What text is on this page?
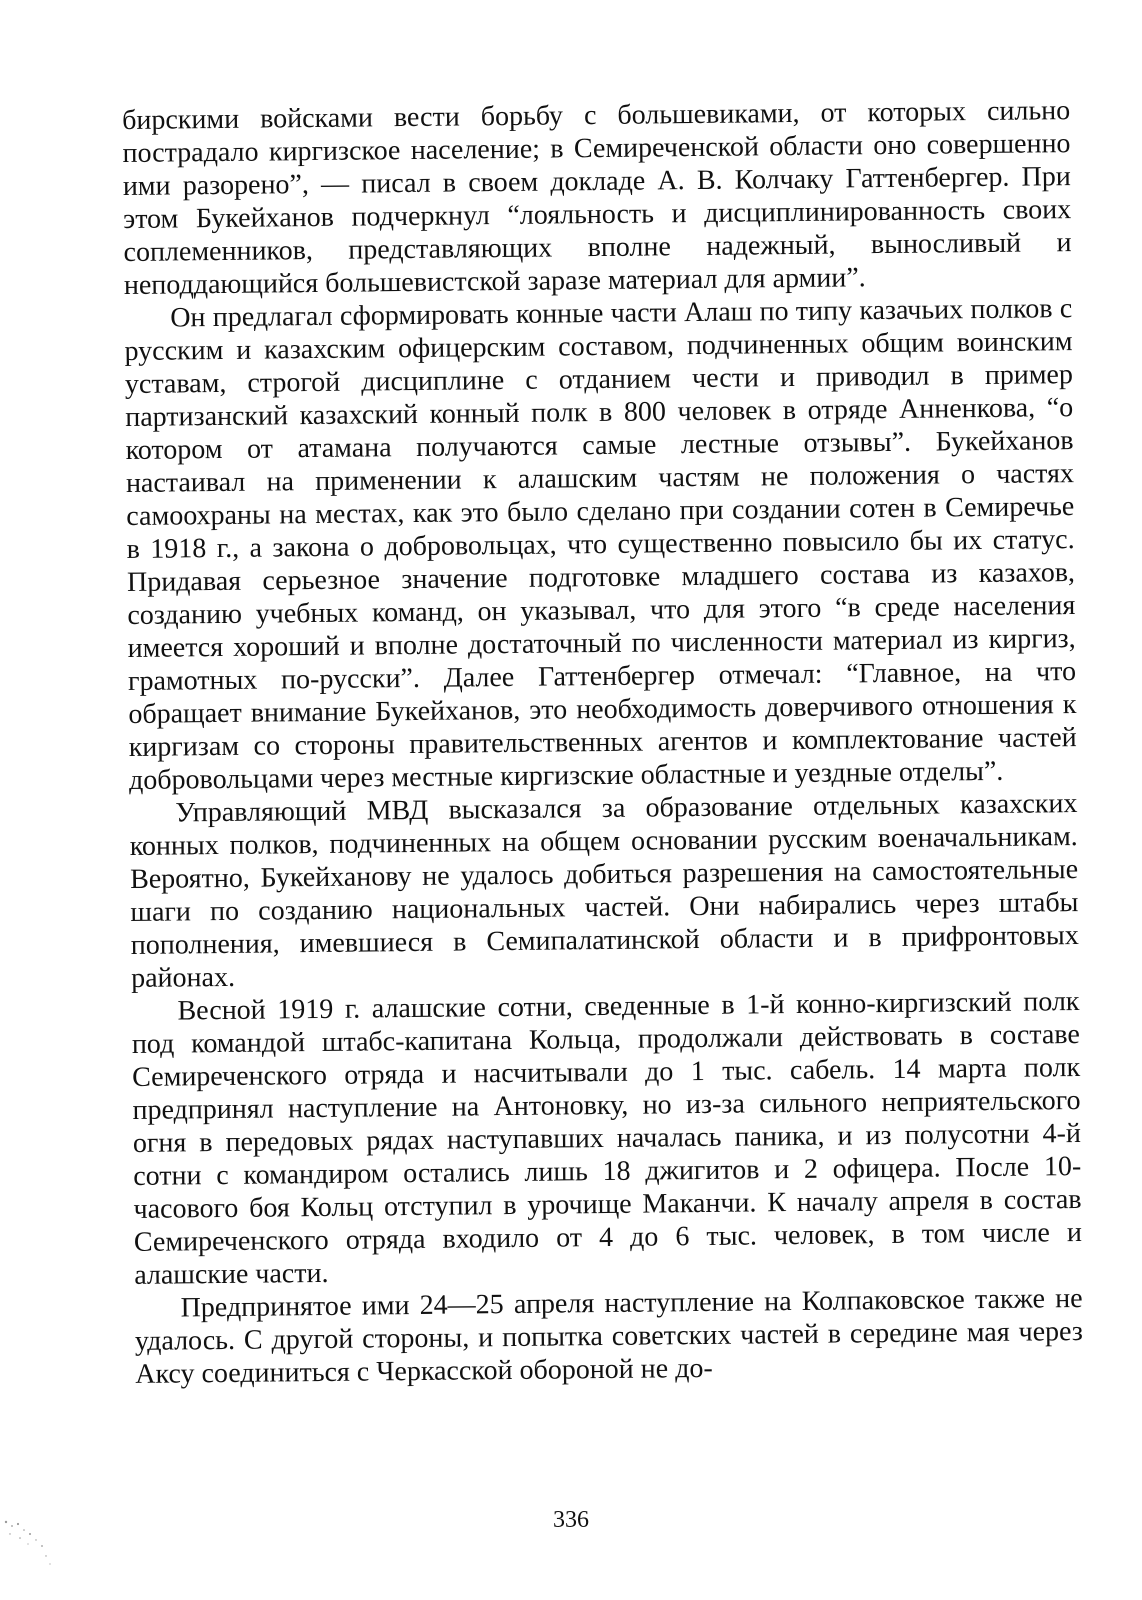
бирскими войсками вести борьбу с большевиками, от которых сильно пострадало киргизское население; в Семиреченской области оно совершенно ими разорено”, — писал в своем докладе А. В. Колчаку Гаттенбергер. При этом Букейханов подчеркнул “лояльность и дисциплинированность своих соплеменников, представляющих вполне надежный, выносливый и неподдающийся большевистской заразе материал для армии”.

Он предлагал сформировать конные части Алаш по типу казачьих полков с русским и казахским офицерским составом, подчиненных общим воинским уставам, строгой дисциплине с отданием чести и приводил в пример партизанский казахский конный полк в 800 человек в отряде Анненкова, “о котором от атамана получаются самые лестные отзывы”. Букейханов настаивал на применении к алашским частям не положения о частях самоохраны на местах, как это было сделано при создании сотен в Семиречье в 1918 г., а закона о добровольцах, что существенно повысило бы их статус. Придавая серьезное значение подготовке младшего состава из казахов, созданию учебных команд, он указывал, что для этого “в среде населения имеется хороший и вполне достаточный по численности материал из киргиз, грамотных по-русски”. Далее Гаттенбергер отмечал: “Главное, на что обращает внимание Букейханов, это необходимость доверчивого отношения к киргизам со стороны правительственных агентов и комплектование частей добровольцами через местные киргизские областные и уездные отделы”.

Управляющий МВД высказался за образование отдельных казахских конных полков, подчиненных на общем основании русским военачальникам. Вероятно, Букейханову не удалось добиться разрешения на самостоятельные шаги по созданию национальных частей. Они набирались через штабы пополнения, имевшиеся в Семипалатинской области и в прифронтовых районах.

Весной 1919 г. алашские сотни, сведенные в 1-й конно-киргизский полк под командой штабс-капитана Кольца, продолжали действовать в составе Семиреченского отряда и насчитывали до 1 тыс. сабель. 14 марта полк предпринял наступление на Антоновку, но из-за сильного неприятельского огня в передовых рядах наступавших началась паника, и из полусотни 4-й сотни с командиром остались лишь 18 джигитов и 2 офицера. После 10-часового боя Кольц отступил в урочище Маканчи. К началу апреля в состав Семиреченского отряда входило от 4 до 6 тыс. человек, в том числе и алашские части.

Предпринятое ими 24—25 апреля наступление на Колпаковское также не удалось. С другой стороны, и попытка советских частей в середине мая через Аксу соединиться с Черкасской обороной не до-

336
